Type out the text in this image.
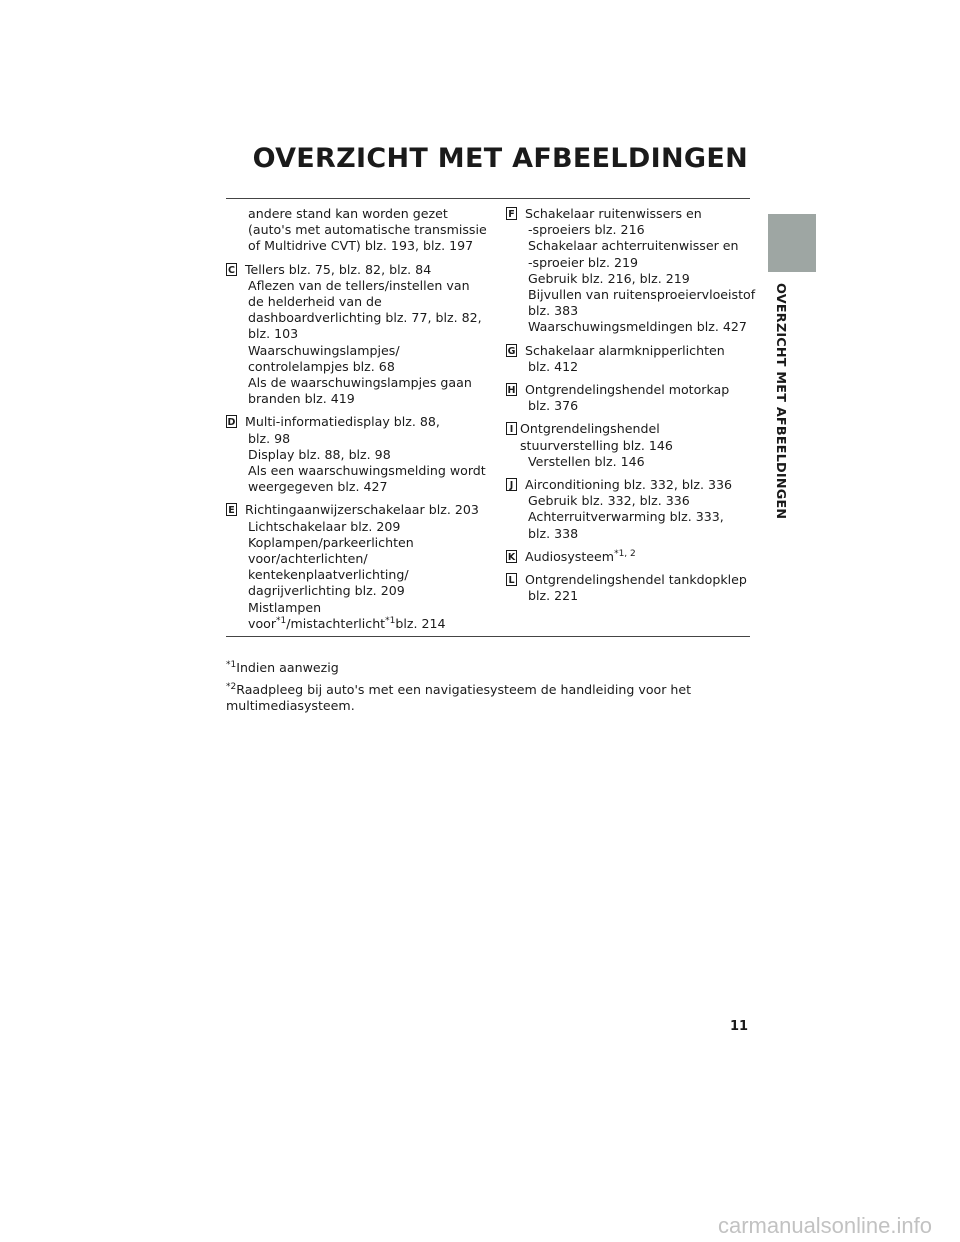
OVERZICHT MET AFBEELDINGEN
andere stand kan worden gezet
(auto's met automatische transmissie
of Multidrive CVT) blz. 193, blz. 197
C Tellers blz. 75, blz. 82, blz. 84
Aflezen van de tellers/instellen van
de helderheid van de
dashboardverlichting blz. 77, blz. 82,
blz. 103
Waarschuwingslampjes/
controlelampjes blz. 68
Als de waarschuwingslampjes gaan
branden blz. 419
D Multi-informatiedisplay blz. 88,
blz. 98
Display blz. 88, blz. 98
Als een waarschuwingsmelding wordt
weergegeven blz. 427
E Richtingaanwijzerschakelaar blz. 203
Lichtschakelaar blz. 209
Koplampen/parkeerlichten
voor/achterlichten/
kentekenplaatverlichting/
dagrijverlichting blz. 209
Mistlampen
voor$^{*1}$/mistachterlicht$^{*1}$blz. 214
F Schakelaar ruitenwissers en
-sproeiers blz. 216
Schakelaar achterruitenwisser en
-sproeier blz. 219
Gebruik blz. 216, blz. 219
Bijvullen van ruitensproeiervloeistof
blz. 383
Waarschuwingsmeldingen blz. 427
G Schakelaar alarmknipperlichten
blz. 412
H Ontgrendelingshendel motorkap
blz. 376
I Ontgrendelingshendel
stuurverstelling blz. 146
Verstellen blz. 146
J Airconditioning blz. 332, blz. 336
Gebruik blz. 332, blz. 336
Achterruitverwarming blz. 333,
blz. 338
K Audiosysteem$^{*1, 2}$
L Ontgrendelingshendel tankdopklep
blz. 221
$^{*1}$Indien aanwezig
$^{*2}$Raadpleeg bij auto's met een navigatiesysteem de handleiding voor het
multimediasysteem.
OVERZICHT MET AFBEELDINGEN
11
carmanualsonline.info
